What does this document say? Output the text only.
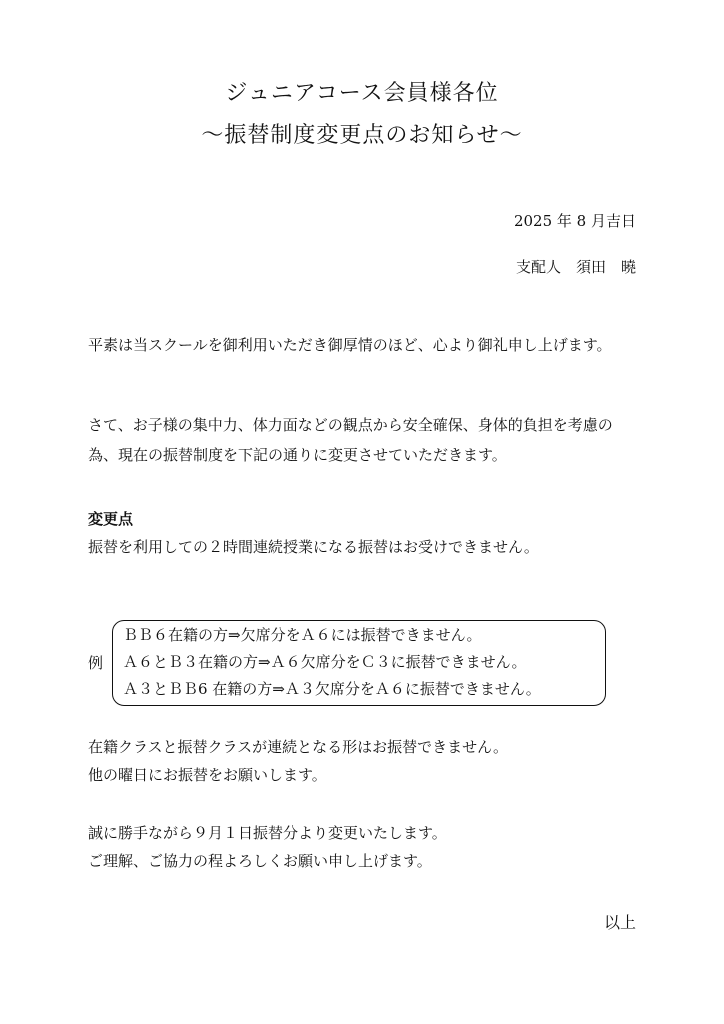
ジュニアコース会員様各位
〜振替制度変更点のお知らせ〜
2025 年 8 月吉日
支配人　須田　曉
平素は当スクールを御利用いただき御厚情のほど、心より御礼申し上げます。
さて、お子様の集中力、体力面などの観点から安全確保、身体的負担を考慮の為、現在の振替制度を下記の通りに変更させていただきます。
変更点
振替を利用しての２時間連続授業になる振替はお受けできません。
例
ＢＢ６在籍の方⇒欠席分をＡ６には振替できません。
Ａ６とＢ３在籍の方⇒Ａ６欠席分をＣ３に振替できません。
Ａ３とＢＢ6 在籍の方⇒Ａ３欠席分をＡ６に振替できません。
在籍クラスと振替クラスが連続となる形はお振替できません。
他の曜日にお振替をお願いします。
誠に勝手ながら９月１日振替分より変更いたします。
ご理解、ご協力の程よろしくお願い申し上げます。
以上
